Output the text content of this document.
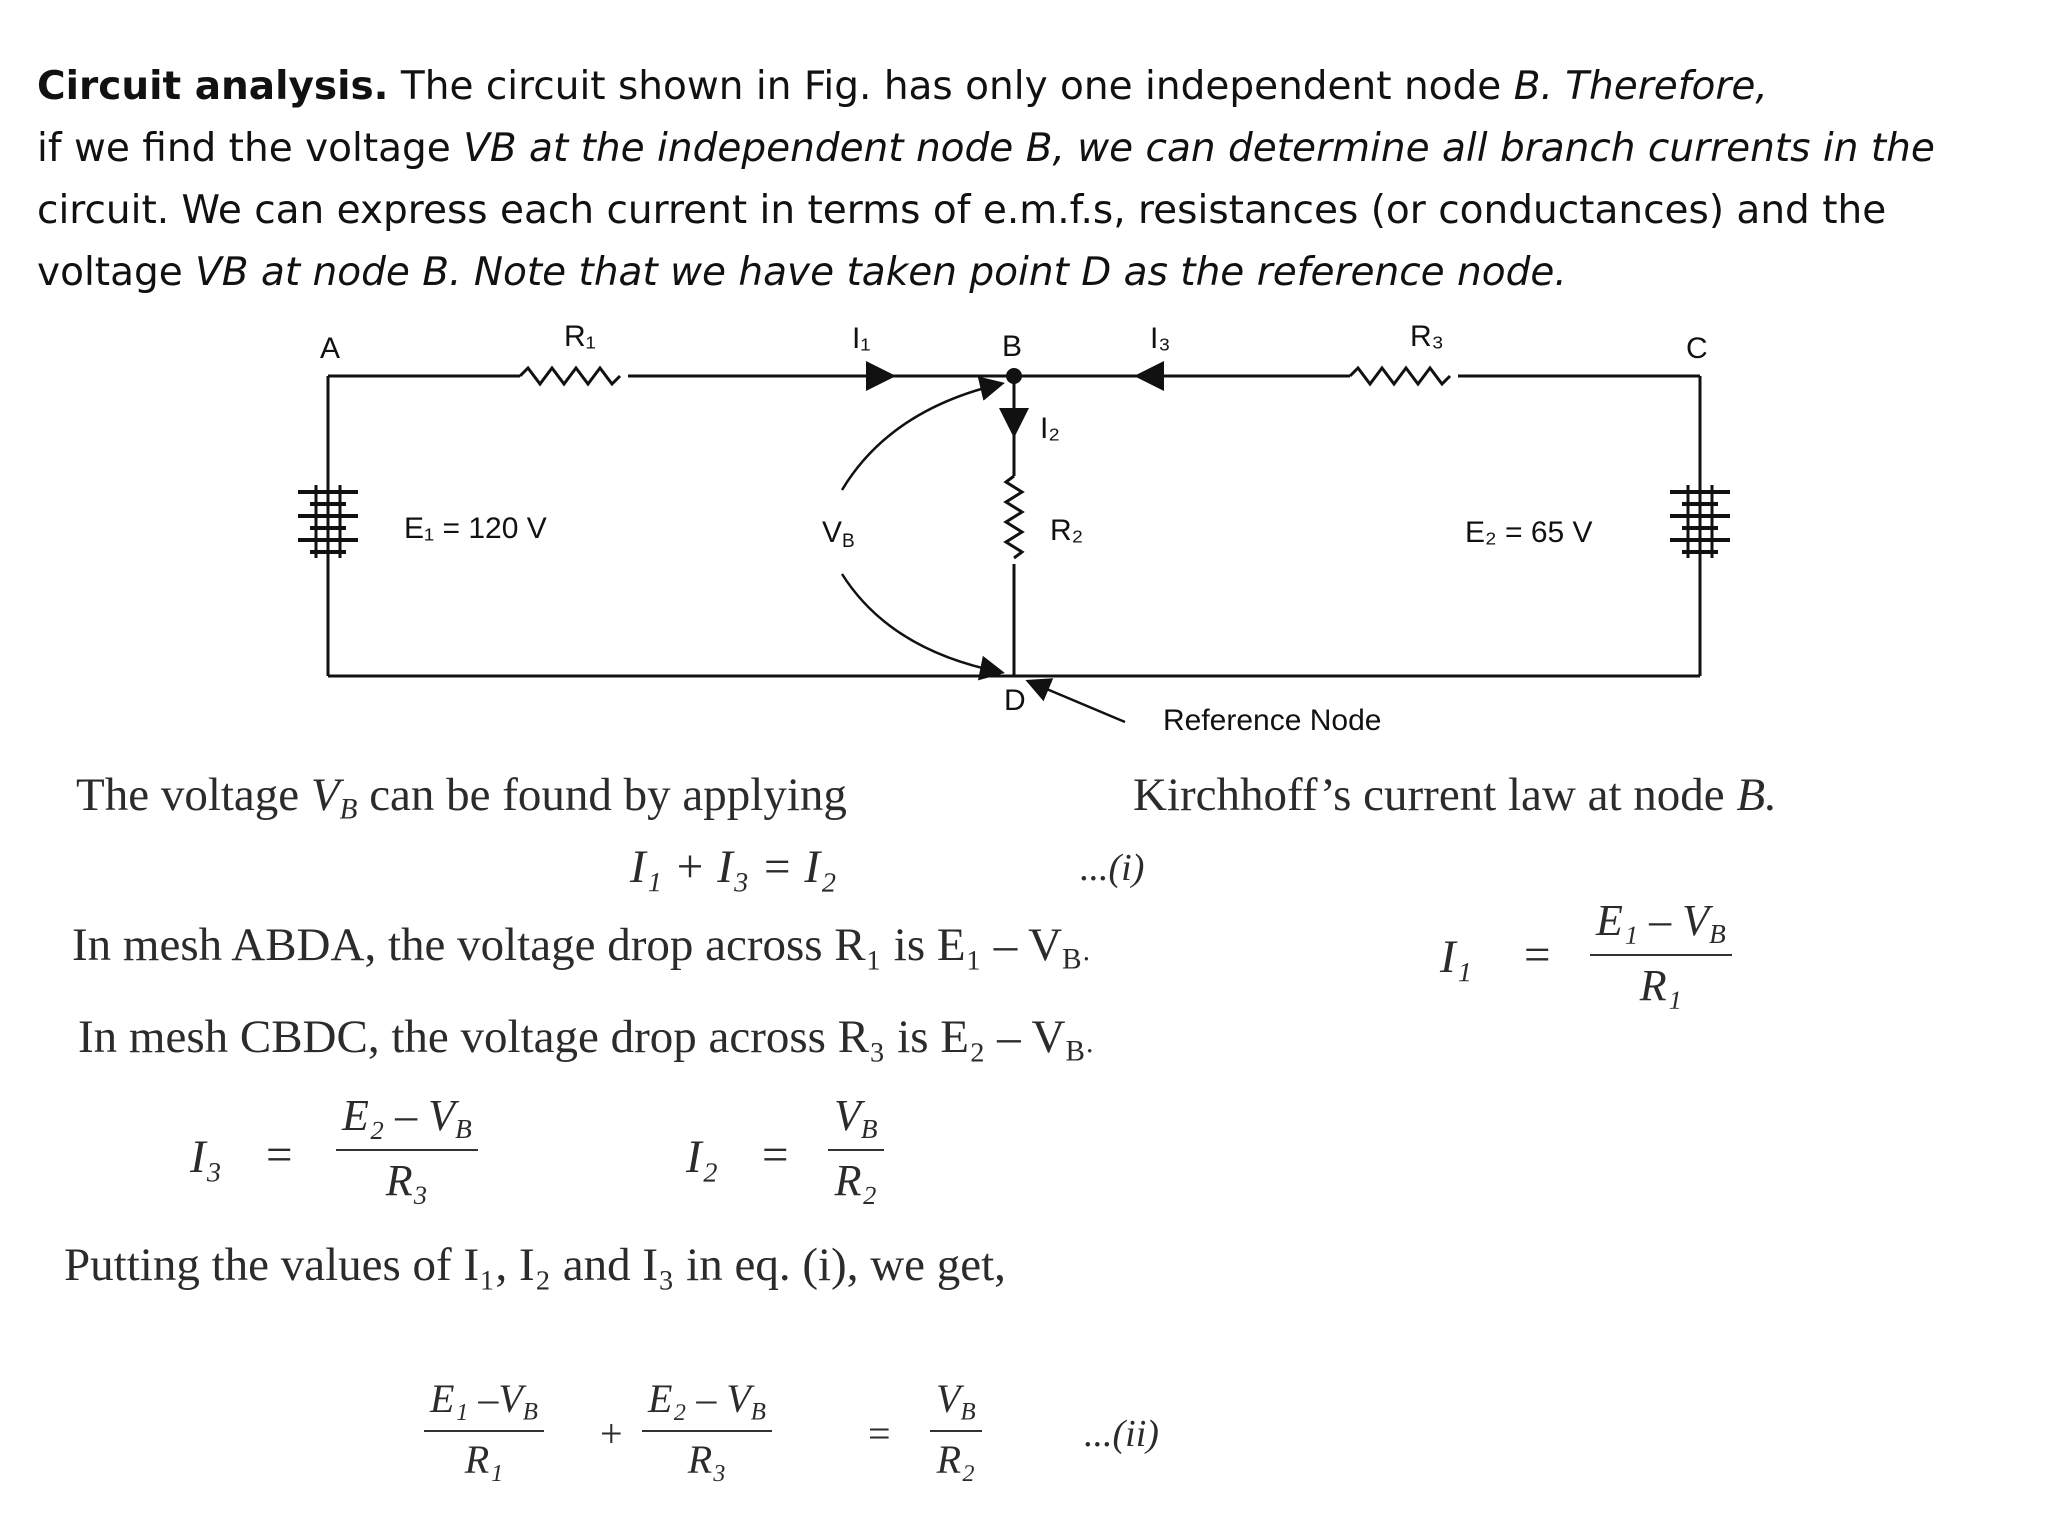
Circuit analysis. The circuit shown in Fig. has only one independent node B. Therefore,
if we find the voltage VB at the independent node B, we can determine all branch currents in the circuit. We can express each current in terms of e.m.f.s, resistances (or conductances) and the voltage VB at node B. Note that we have taken point D as the reference node.
A	B	C
D
R₁	R₃
R₂
I₁	I₃
I₂
E₁ = 120 V	E₂ = 65 V
VB
Reference Node
The voltage $V_B$ can be found by applying	Kirchhoff’s current law at node B.
I₁ + I₃ = I₂	...(i)
In mesh ABDA, the voltage drop across R₁ is $E_1 - V_{B\cdot}$	$I_1 = \frac{E_1 - V_B}{\text{R₁}}$
In mesh CBDC, the voltage drop across R₃ is $E_2 - V_{B\cdot}$
$I_3 = \frac{E_2 - V_B}{\text{R₃}}$	$I_2 = \frac{V_B}{\text{R₂}}$
Putting the values of I₁, I₂ and I₃ in eq. (i), we get,
$\frac{E_1 -V_B}{\text{R₁}} + \frac{E_2 - V_B}{\text{R₃}} = \frac{V_B}{\text{R₂}}$	...(ii)
